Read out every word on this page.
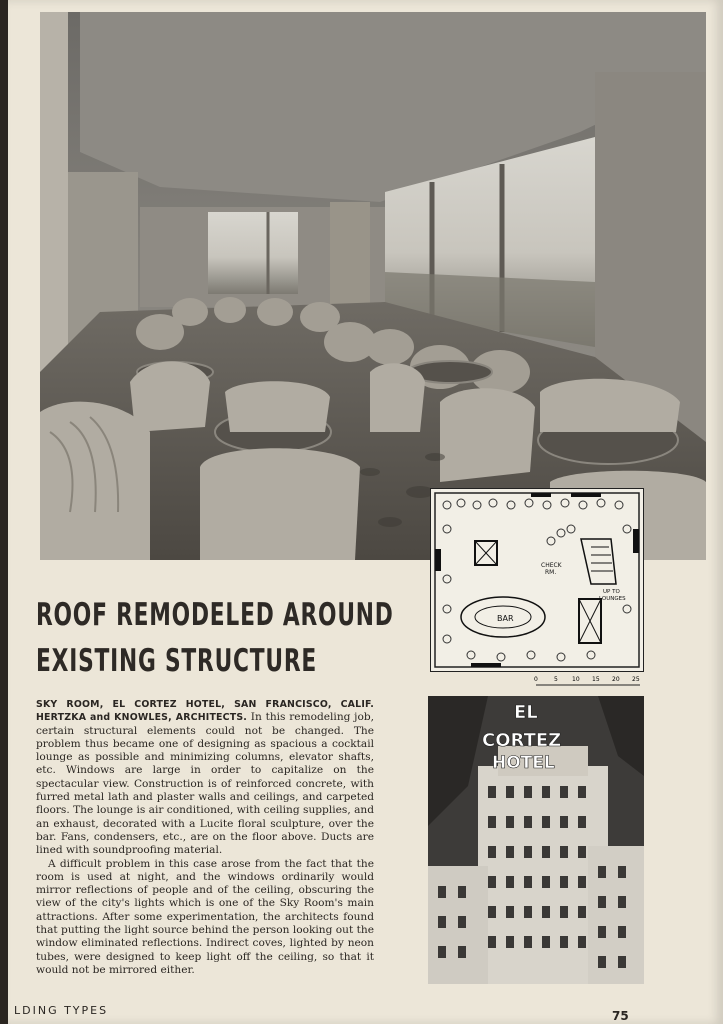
BAR
CHECK
RM.
UP TO
LOUNGES
0	5 10 15 20 25
ROOF REMODELED AROUND
EXISTING STRUCTURE

SKY ROOM, EL CORTEZ HOTEL, SAN FRANCISCO, CALIF. HERTZKA and KNOWLES, ARCHITECTS. In this remodeling job, certain structural elements could not be changed. The problem thus became one of designing as spacious a cocktail lounge as possible and minimizing columns, elevator shafts, etc. Windows are large in order to capitalize on the spectacular view. Construction is of reinforced concrete, with furred metal lath and plaster walls and ceilings, and carpeted floors. The lounge is air conditioned, with ceiling supplies, and an exhaust, decorated with a Lucite floral sculpture, over the bar. Fans, condensers, etc., are on the floor above. Ducts are lined with soundproofing material.

A difficult problem in this case arose from the fact that the room is used at night, and the windows ordinarily would mirror reflections of people and of the ceiling, obscuring the view of the city's lights which is one of the Sky Room's main attractions. After some experimentation, the architects found that putting the light source behind the person looking out the window eliminated reflections. Indirect coves, lighted by neon tubes, were designed to keep light off the ceiling, so that it would not be mirrored either.

EL
CORTEZ
HOTEL
LDING TYPES	75
